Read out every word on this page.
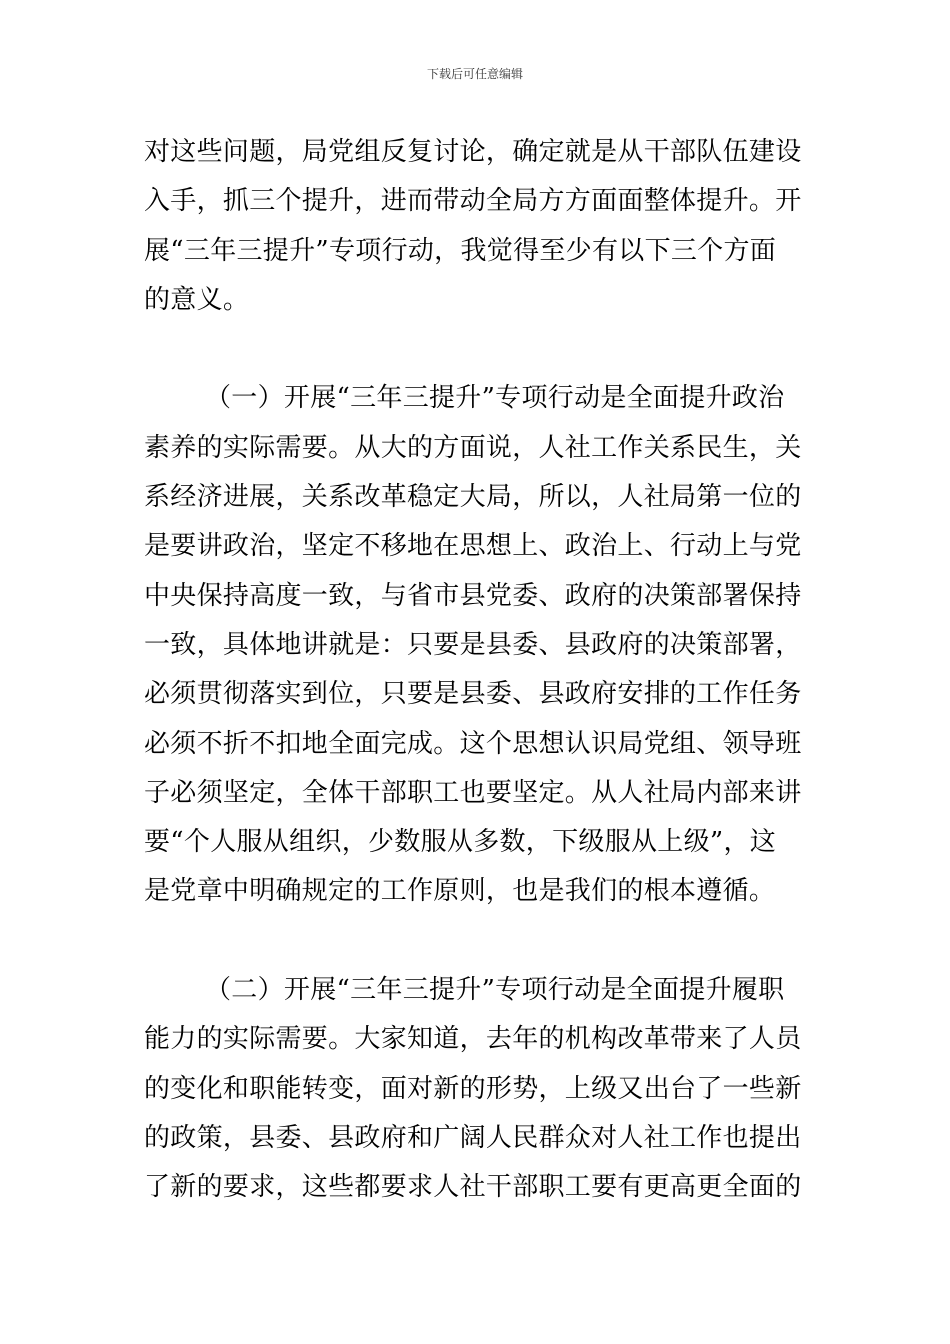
下载后可任意编辑
对这些问题，局党组反复讨论，确定就是从干部队伍建设
入手，抓三个提升，进而带动全局方方面面整体提升。开
展“三年三提升”专项行动，我觉得至少有以下三个方面
的意义。
（一）开展“三年三提升”专项行动是全面提升政治
素养的实际需要。从大的方面说，人社工作关系民生，关
系经济进展，关系改革稳定大局，所以，人社局第一位的
是要讲政治，坚定不移地在思想上、政治上、行动上与党
中央保持高度一致，与省市县党委、政府的决策部署保持
一致，具体地讲就是：只要是县委、县政府的决策部署，
必须贯彻落实到位，只要是县委、县政府安排的工作任务
必须不折不扣地全面完成。这个思想认识局党组、领导班
子必须坚定，全体干部职工也要坚定。从人社局内部来讲
要“个人服从组织，少数服从多数，下级服从上级”，这
是党章中明确规定的工作原则，也是我们的根本遵循。
（二）开展“三年三提升”专项行动是全面提升履职
能力的实际需要。大家知道，去年的机构改革带来了人员
的变化和职能转变，面对新的形势，上级又出台了一些新
的政策，县委、县政府和广阔人民群众对人社工作也提出
了新的要求，这些都要求人社干部职工要有更高更全面的
